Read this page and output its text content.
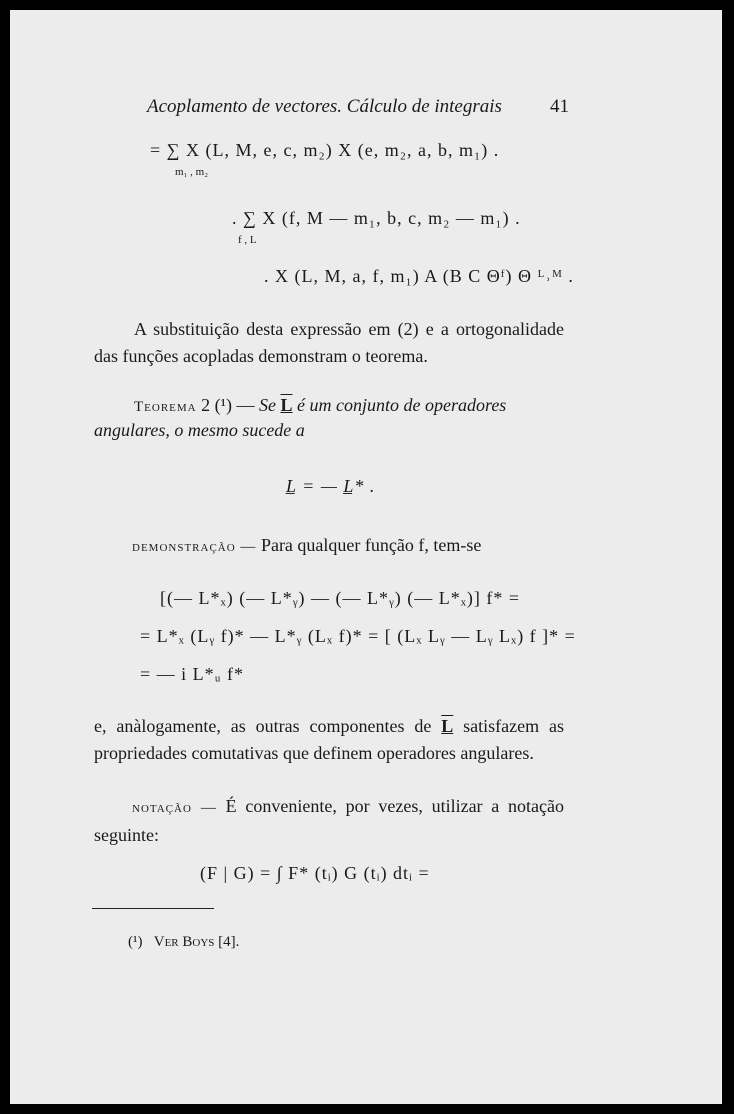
Acoplamento de vectores. Cálculo de integrais	41
= ∑ X (L, M, e, c, m₂) X (e, m₂, a, b, m₁) .
m₁ , m₂
. ∑ X (f, M — m₁, b, c, m₂ — m₁) .
f , L
. X (L, M, a, f, m₁) A (B C Θᶠ) Θ ᴸ˒ᴹ .
A substituição desta expressão em (2) e a ortogonalidade das funções acopladas demonstram o teorema.
Teorema 2 (¹) — Se L é um conjunto de operadores
angulares, o mesmo sucede a
L̲ = — L̲* .
demonstração — Para qualquer função f, tem-se
[(— L*ₓ) (— L*ᵧ) — (— L*ᵧ) (— L*ₓ)] f* =
= L*ₓ (Lᵧ f)* — L*ᵧ (Lₓ f)* = [ (Lₓ Lᵧ — Lᵧ Lₓ) f ]* =
= — i L*ᵤ f*
e, anàlogamente, as outras componentes de L satisfazem as propriedades comutativas que definem operadores angulares.
notação — É conveniente, por vezes, utilizar a notação seguinte:
(F | G) = ∫ F* (tᵢ) G (tᵢ) dtᵢ =
(¹) Ver Boys [4].
